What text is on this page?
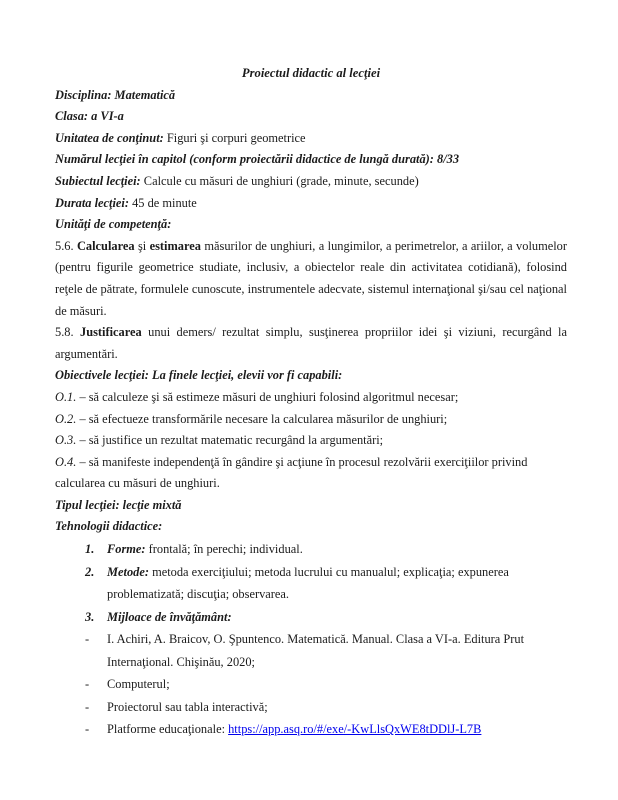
Proiectul didactic al lecţiei

Disciplina: Matematică

Clasa: a VI-a

Unitatea de conţinut: Figuri şi corpuri geometrice

Numărul lecţiei în capitol (conform proiectării didactice de lungă durată): 8/33

Subiectul lecţiei: Calcule cu măsuri de unghiuri (grade, minute, secunde)

Durata lecţiei: 45 de minute

Unităţi de competenţă:

5.6. Calcularea şi estimarea măsurilor de unghiuri, a lungimilor, a perimetrelor, a ariilor, a volumelor (pentru figurile geometrice studiate, inclusiv, a obiectelor reale din activitatea cotidiană), folosind reţele de pătrate, formulele cunoscute, instrumentele adecvate, sistemul internaţional şi/sau cel naţional de măsuri.

5.8. Justificarea unui demers/ rezultat simplu, susţinerea propriilor idei şi viziuni, recurgând la argumentări.

Obiectivele lecţiei: La finele lecţiei, elevii vor fi capabili:

O.1. – să calculeze şi să estimeze măsuri de unghiuri folosind algoritmul necesar;

O.2. – să efectueze transformările necesare la calcularea măsurilor de unghiuri;

O.3. – să justifice un rezultat matematic recurgând la argumentări;

O.4. – să manifeste independenţă în gândire şi acţiune în procesul rezolvării exerciţiilor privind calcularea cu măsuri de unghiuri.

Tipul lecţiei: lecţie mixtă

Tehnologii didactice:

1.	Forme: frontală; în perechi; individual.
2.	Metode: metoda exerciţiului; metoda lucrului cu manualul; explicaţia; expunerea problematizată; discuţia; observarea.
3.	Mijloace de învăţământ:
-	I. Achiri, A. Braicov, O. Şpuntenco. Matematică. Manual. Clasa a VI-a. Editura Prut Internaţional. Chişinău, 2020;
-	Computerul;
-	Proiectorul sau tabla interactivă;
-	Platforme educaţionale: https://app.asq.ro/#/exe/-KwLlsQxWE8tDDlJ-L7B
